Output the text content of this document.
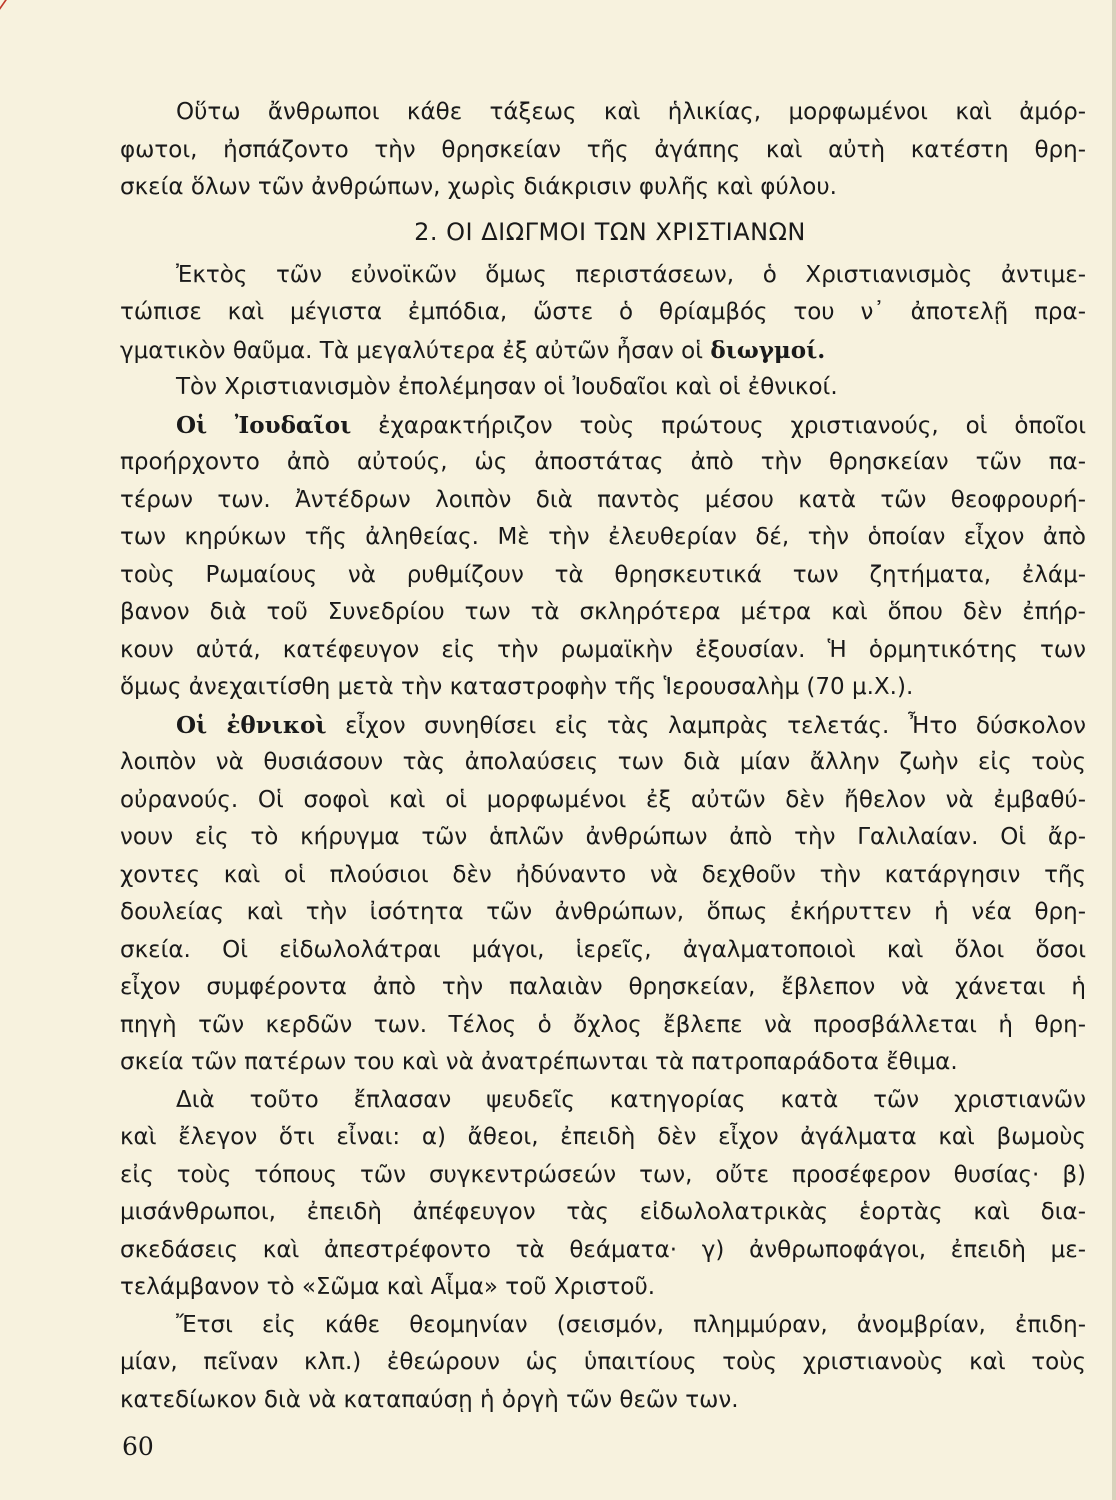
Οὕτω ἄνθρωποι κάθε τάξεως καὶ ἡλικίας, μορφωμένοι καὶ ἀμόρ-
φωτοι, ἠσπάζοντο τὴν θρησκείαν τῆς ἀγάπης καὶ αὐτὴ κατέστη θρη-
σκεία ὅλων τῶν ἀνθρώπων, χωρὶς διάκρισιν φυλῆς καὶ φύλου.
2. ΟΙ ΔΙΩΓΜΟΙ ΤΩΝ ΧΡΙΣΤΙΑΝΩΝ
Ἐκτὸς τῶν εὐνοϊκῶν ὅμως περιστάσεων, ὁ Χριστιανισμὸς ἀντιμε-
τώπισε καὶ μέγιστα ἐμπόδια, ὥστε ὁ θρίαμβός του ν᾽ ἀποτελῇ πρα-
γματικὸν θαῦμα. Τὰ μεγαλύτερα ἐξ αὐτῶν ἦσαν οἱ διωγμοί.
Τὸν Χριστιανισμὸν ἐπολέμησαν οἱ Ἰουδαῖοι καὶ οἱ ἐθνικοί.
Οἱ Ἰουδαῖοι ἐχαρακτήριζον τοὺς πρώτους χριστιανούς, οἱ ὁποῖοι
προήρχοντο ἀπὸ αὐτούς, ὡς ἀποστάτας ἀπὸ τὴν θρησκείαν τῶν πα-
τέρων των. Ἀντέδρων λοιπὸν διὰ παντὸς μέσου κατὰ τῶν θεοφρουρή-
των κηρύκων τῆς ἀληθείας. Μὲ τὴν ἐλευθερίαν δέ, τὴν ὁποίαν εἶχον ἀπὸ
τοὺς Ρωμαίους νὰ ρυθμίζουν τὰ θρησκευτικά των ζητήματα, ἐλάμ-
βανον διὰ τοῦ Συνεδρίου των τὰ σκληρότερα μέτρα καὶ ὅπου δὲν ἐπήρ-
κουν αὐτά, κατέφευγον εἰς τὴν ρωμαϊκὴν ἐξουσίαν. Ἡ ὁρμητικότης των
ὅμως ἀνεχαιτίσθη μετὰ τὴν καταστροφὴν τῆς Ἱερουσαλὴμ (70 μ.Χ.).
Οἱ ἐθνικοὶ εἶχον συνηθίσει εἰς τὰς λαμπρὰς τελετάς. Ἦτο δύσκολον
λοιπὸν νὰ θυσιάσουν τὰς ἀπολαύσεις των διὰ μίαν ἄλλην ζωὴν εἰς τοὺς
οὐρανούς. Οἱ σοφοὶ καὶ οἱ μορφωμένοι ἐξ αὐτῶν δὲν ἤθελον νὰ ἐμβαθύ-
νουν εἰς τὸ κήρυγμα τῶν ἁπλῶν ἀνθρώπων ἀπὸ τὴν Γαλιλαίαν. Οἱ ἄρ-
χοντες καὶ οἱ πλούσιοι δὲν ἠδύναντο νὰ δεχθοῦν τὴν κατάργησιν τῆς
δουλείας καὶ τὴν ἰσότητα τῶν ἀνθρώπων, ὅπως ἐκήρυττεν ἡ νέα θρη-
σκεία. Οἱ εἰδωλολάτραι μάγοι, ἱερεῖς, ἀγαλματοποιοὶ καὶ ὅλοι ὅσοι
εἶχον συμφέροντα ἀπὸ τὴν παλαιὰν θρησκείαν, ἔβλεπον νὰ χάνεται ἡ
πηγὴ τῶν κερδῶν των. Τέλος ὁ ὄχλος ἔβλεπε νὰ προσβάλλεται ἡ θρη-
σκεία τῶν πατέρων του καὶ νὰ ἀνατρέπωνται τὰ πατροπαράδοτα ἔθιμα.
Διὰ τοῦτο ἔπλασαν ψευδεῖς κατηγορίας κατὰ τῶν χριστιανῶν
καὶ ἔλεγον ὅτι εἶναι: α) ἄθεοι, ἐπειδὴ δὲν εἶχον ἀγάλματα καὶ βωμοὺς
εἰς τοὺς τόπους τῶν συγκεντρώσεών των, οὔτε προσέφερον θυσίας· β)
μισάνθρωποι, ἐπειδὴ ἀπέφευγον τὰς εἰδωλολατρικὰς ἑορτὰς καὶ δια-
σκεδάσεις καὶ ἀπεστρέφοντο τὰ θεάματα· γ) ἀνθρωποφάγοι, ἐπειδὴ με-
τελάμβανον τὸ «Σῶμα καὶ Αἷμα» τοῦ Χριστοῦ.
Ἔτσι εἰς κάθε θεομηνίαν (σεισμόν, πλημμύραν, ἀνομβρίαν, ἐπιδη-
μίαν, πεῖναν κλπ.) ἐθεώρουν ὡς ὑπαιτίους τοὺς χριστιανοὺς καὶ τοὺς
κατεδίωκον διὰ νὰ καταπαύσῃ ἡ ὀργὴ τῶν θεῶν των.
60
